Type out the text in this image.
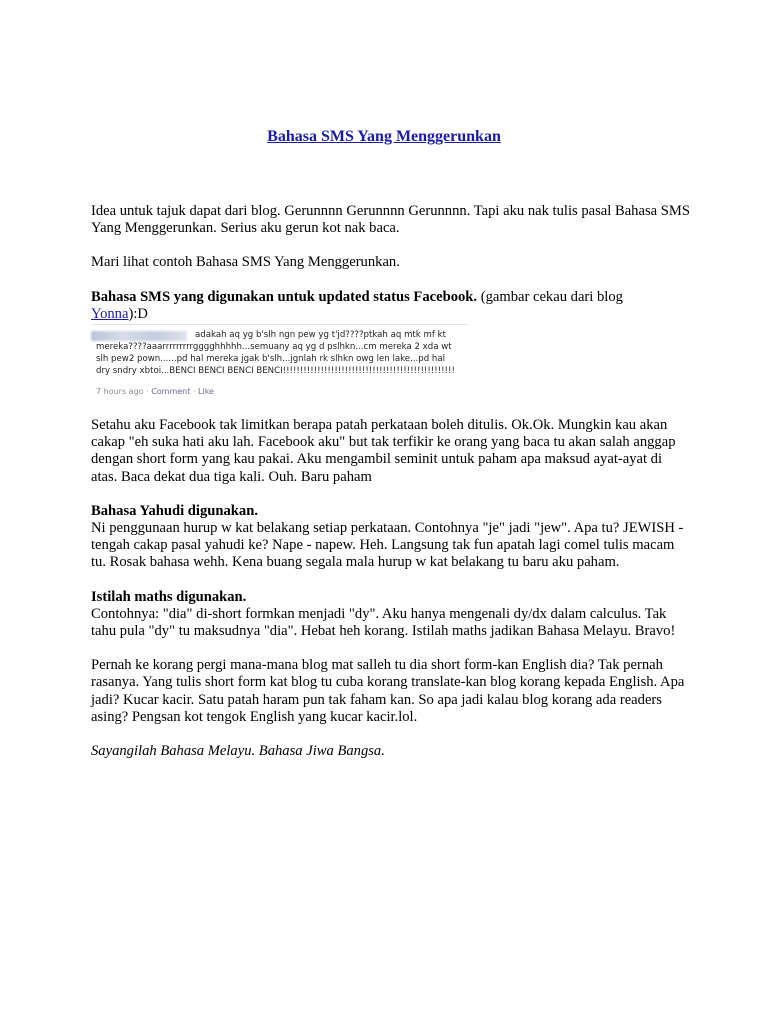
Bahasa SMS Yang Menggerunkan

Idea untuk tajuk dapat dari blog. Gerunnnn Gerunnnn Gerunnnn. Tapi aku nak tulis pasal Bahasa SMS Yang Menggerunkan. Serius aku gerun kot nak baca.

Mari lihat contoh Bahasa SMS Yang Menggerunkan.

Bahasa SMS yang digunakan untuk updated status Facebook. (gambar cekau dari blog
Yonna):D
adakah aq yg b'slh ngn pew yg t'jd????ptkah aq mtk mf kt
mereka????aaarrrrrrrrrgggghhhhh...semuany aq yg d pslhkn...cm mereka 2 xda wt
slh pew2 pown......pd hal mereka jgak b'slh...jgnlah rk slhkn owg len lake...pd hal
dry sndry xbtoi...BENCI BENCI BENCI BENCI!!!!!!!!!!!!!!!!!!!!!!!!!!!!!!!!!!!!!!!!!!!!!!!!!!
7 hours ago · Comment · Like

Setahu aku Facebook tak limitkan berapa patah perkataan boleh ditulis. Ok.Ok. Mungkin kau akan cakap "eh suka hati aku lah. Facebook aku" but tak terfikir ke orang yang baca tu akan salah anggap dengan short form yang kau pakai. Aku mengambil seminit untuk paham apa maksud ayat-ayat di atas. Baca dekat dua tiga kali. Ouh. Baru paham

Bahasa Yahudi digunakan.
Ni penggunaan hurup w kat belakang setiap perkataan. Contohnya "je" jadi "jew". Apa tu? JEWISH - tengah cakap pasal yahudi ke? Nape - napew. Heh. Langsung tak fun apatah lagi comel tulis macam tu. Rosak bahasa wehh. Kena buang segala mala hurup w kat belakang tu baru aku paham.

Istilah maths digunakan.
Contohnya: "dia" di-short formkan menjadi "dy". Aku hanya mengenali dy/dx dalam calculus. Tak tahu pula "dy" tu maksudnya "dia". Hebat heh korang. Istilah maths jadikan Bahasa Melayu. Bravo!

Pernah ke korang pergi mana-mana blog mat salleh tu dia short form-kan English dia? Tak pernah rasanya. Yang tulis short form kat blog tu cuba korang translate-kan blog korang kepada English. Apa jadi? Kucar kacir. Satu patah haram pun tak faham kan. So apa jadi kalau blog korang ada readers asing? Pengsan kot tengok English yang kucar kacir.lol.

Sayangilah Bahasa Melayu. Bahasa Jiwa Bangsa.
